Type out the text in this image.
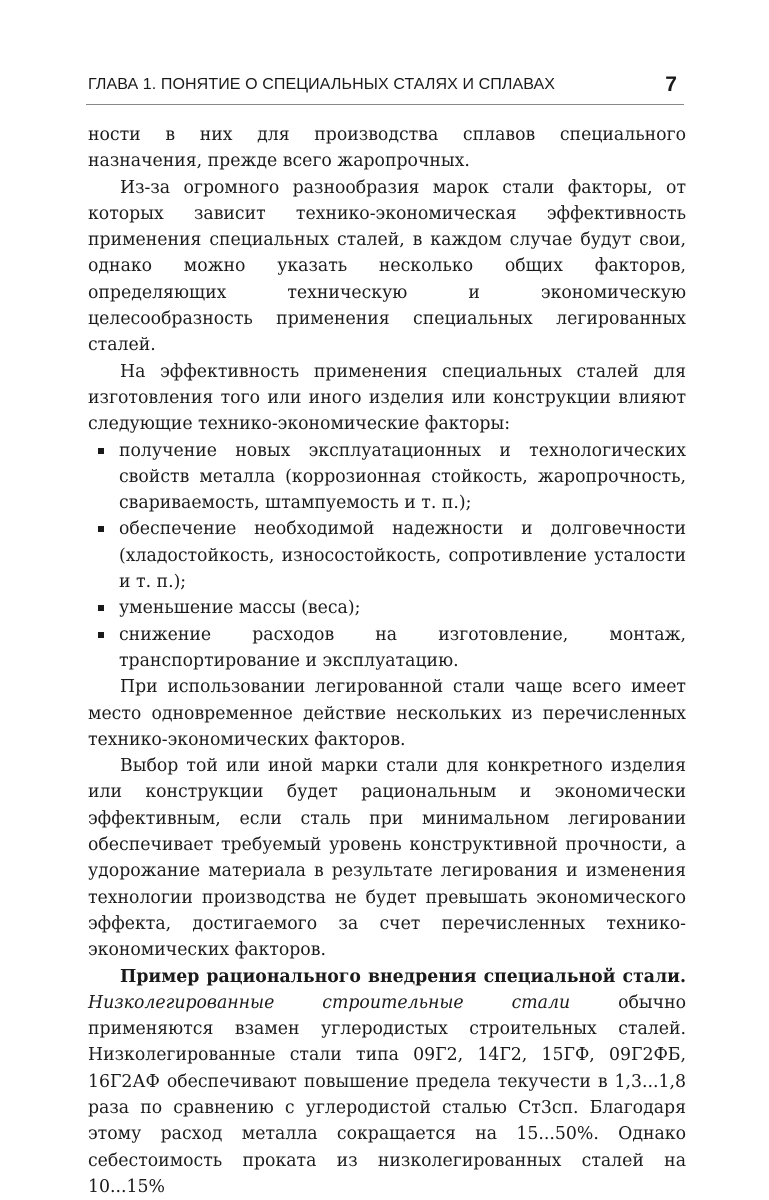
ГЛАВА 1. ПОНЯТИЕ О СПЕЦИАЛЬНЫХ СТАЛЯХ И СПЛАВАХ	7

ности в них для производства сплавов специального назначения, прежде всего жаропрочных.

Из-за огромного разнообразия марок стали факторы, от которых зависит технико-экономическая эффективность применения специальных сталей, в каждом случае будут свои, однако можно указать несколько общих факторов, определяющих техническую и экономическую целесообразность применения специальных легированных сталей.

На эффективность применения специальных сталей для изготовления того или иного изделия или конструкции влияют следующие технико-экономические факторы:

получение новых эксплуатационных и технологических свойств металла (коррозионная стойкость, жаропрочность, свариваемость, штампуемость и т. п.);
обеспечение необходимой надежности и долговечности (хладостойкость, износостойкость, сопротивление усталости и т. п.);
уменьшение массы (веса);
снижение расходов на изготовление, монтаж, транспортирование и эксплуатацию.

При использовании легированной стали чаще всего имеет место одновременное действие нескольких из перечисленных технико-экономических факторов.

Выбор той или иной марки стали для конкретного изделия или конструкции будет рациональным и экономически эффективным, если сталь при минимальном легировании обеспечивает требуемый уровень конструктивной прочности, а удорожание материала в результате легирования и изменения технологии производства не будет превышать экономического эффекта, достигаемого за счет перечисленных технико-экономических факторов.

Пример рационального внедрения специальной стали. Низколегированные строительные стали	обычно применяются взамен углеродистых строительных сталей. Низколегированные стали типа 09Г2, 14Г2, 15ГФ, 09Г2ФБ, 16Г2АФ обеспечивают повышение предела текучести в 1,3...1,8 раза по сравнению с углеродистой сталью Ст3сп. Благодаря этому расход металла сокращается на 15...50%. Однако себестоимость проката из низколегированных сталей на 10...15%
